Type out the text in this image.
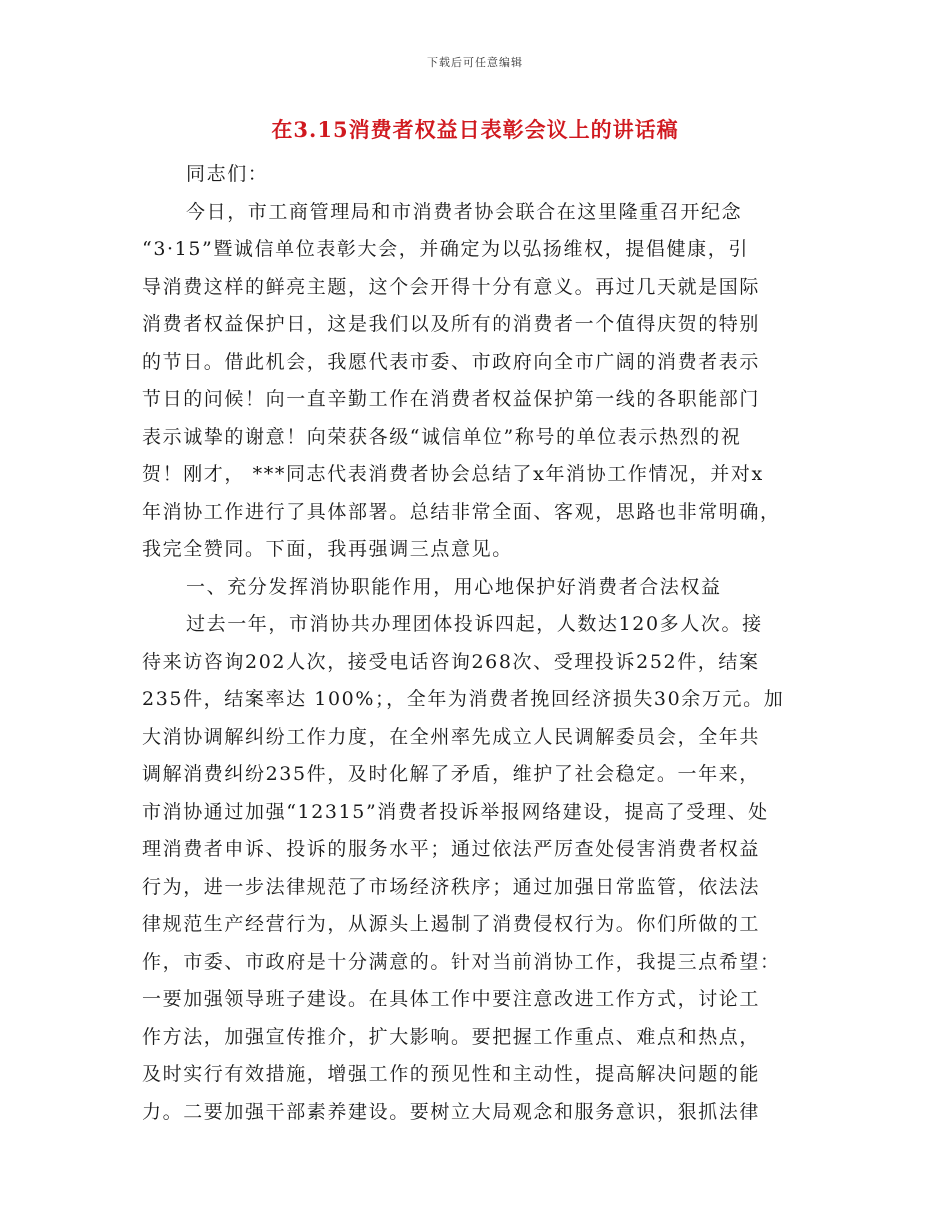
下载后可任意编辑
在3.15消费者权益日表彰会议上的讲话稿
同志们：
今日，市工商管理局和市消费者协会联合在这里隆重召开纪念
“3·15”暨诚信单位表彰大会，并确定为以弘扬维权，提倡健康，引
导消费这样的鲜亮主题，这个会开得十分有意义。再过几天就是国际
消费者权益保护日，这是我们以及所有的消费者一个值得庆贺的特别
的节日。借此机会，我愿代表市委、市政府向全市广阔的消费者表示
节日的问候！向一直辛勤工作在消费者权益保护第一线的各职能部门
表示诚挚的谢意！向荣获各级“诚信单位”称号的单位表示热烈的祝
贺！刚才， ***同志代表消费者协会总结了x年消协工作情况，并对x
年消协工作进行了具体部署。总结非常全面、客观，思路也非常明确，
我完全赞同。下面，我再强调三点意见。
一、充分发挥消协职能作用，用心地保护好消费者合法权益
过去一年，市消协共办理团体投诉四起，人数达120多人次。接
待来访咨询202人次，接受电话咨询268次、受理投诉252件，结案
235件，结案率达 100%；，全年为消费者挽回经济损失30余万元。加
大消协调解纠纷工作力度，在全州率先成立人民调解委员会，全年共
调解消费纠纷235件，及时化解了矛盾，维护了社会稳定。一年来，
市消协通过加强“12315”消费者投诉举报网络建设，提高了受理、处
理消费者申诉、投诉的服务水平；通过依法严厉查处侵害消费者权益
行为，进一步法律规范了市场经济秩序；通过加强日常监管，依法法
律规范生产经营行为，从源头上遏制了消费侵权行为。你们所做的工
作，市委、市政府是十分满意的。针对当前消协工作，我提三点希望：
一要加强领导班子建设。在具体工作中要注意改进工作方式，讨论工
作方法，加强宣传推介，扩大影响。要把握工作重点、难点和热点，
及时实行有效措施，增强工作的预见性和主动性，提高解决问题的能
力。二要加强干部素养建设。要树立大局观念和服务意识，狠抓法律
